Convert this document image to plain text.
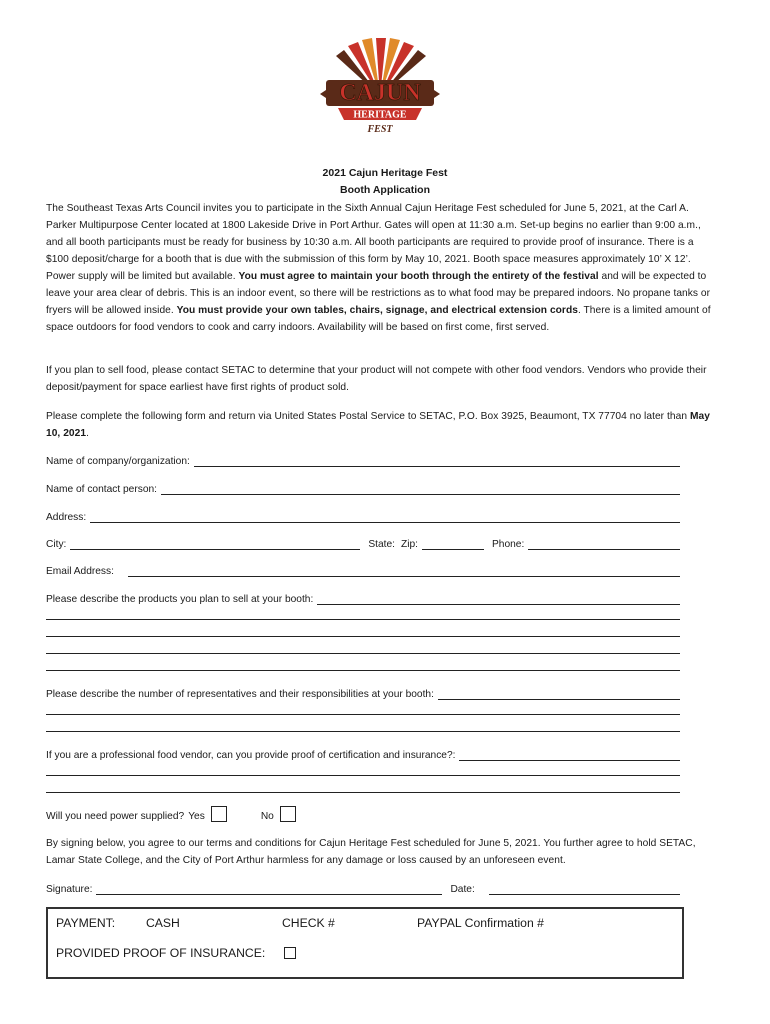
CAJUN
HERITAGE
FEST
2021 Cajun Heritage Fest
Booth Application
The Southeast Texas Arts Council invites you to participate in the Sixth Annual Cajun Heritage Fest scheduled for June 5, 2021, at the Carl A. Parker Multipurpose Center located at 1800 Lakeside Drive in Port Arthur. Gates will open at 11:30 a.m. Set-up begins no earlier than 9:00 a.m., and all booth participants must be ready for business by 10:30 a.m. All booth participants are required to provide proof of insurance. There is a $100 deposit/charge for a booth that is due with the submission of this form by May 10, 2021. Booth space measures approximately 10’ X 12’. Power supply will be limited but available. You must agree to maintain your booth through the entirety of the festival and will be expected to leave your area clear of debris. This is an indoor event, so there will be restrictions as to what food may be prepared indoors. No propane tanks or fryers will be allowed inside. You must provide your own tables, chairs, signage, and electrical extension cords. There is a limited amount of space outdoors for food vendors to cook and carry indoors. Availability will be based on first come, first served.
If you plan to sell food, please contact SETAC to determine that your product will not compete with other food vendors. Vendors who provide their deposit/payment for space earliest have first rights of product sold.
Please complete the following form and return via United States Postal Service to SETAC, P.O. Box 3925, Beaumont, TX 77704 no later than May 10, 2021.
Name of company/organization:
Name of contact person:
Address:
City:	State: Zip:	Phone:
Email Address:
Please describe the products you plan to sell at your booth:
Please describe the number of representatives and their responsibilities at your booth:
If you are a professional food vendor, can you provide proof of certification and insurance?:
Will you need power supplied? Yes	No
By signing below, you agree to our terms and conditions for Cajun Heritage Fest scheduled for June 5, 2021. You further agree to hold SETAC, Lamar State College, and the City of Port Arthur harmless for any damage or loss caused by an unforeseen event.
Signature:	Date:
PAYMENT:	CASH	CHECK #	PAYPAL Confirmation #
PROVIDED PROOF OF INSURANCE:
